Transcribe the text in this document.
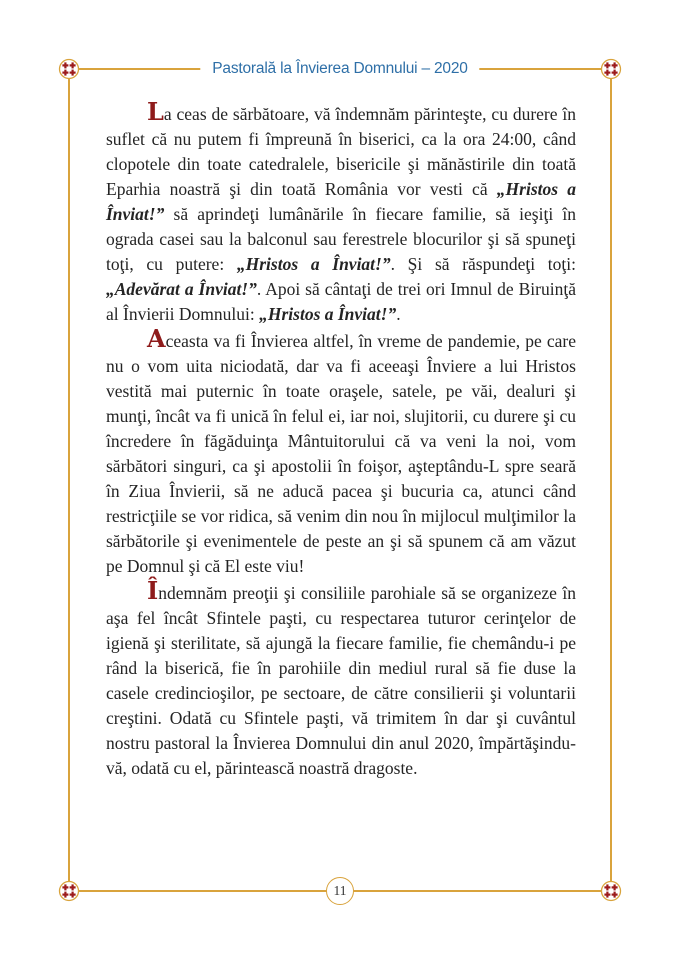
Pastorală la Învierea Domnului – 2020

La ceas de sărbătoare, vă îndemnăm părinteşte, cu durere în suflet că nu putem fi împreună în biserici, ca la ora 24:00, când clopotele din toate catedralele, bisericile şi mănăstirile din toată Eparhia noastră şi din toată România vor vesti că „Hristos a Înviat!” să aprindeţi lumânările în fiecare familie, să ieşiţi în ograda casei sau la balconul sau ferestrele blocurilor şi să spuneţi toţi, cu putere: „Hristos a Înviat!”. Şi să răspundeţi toţi: „Adevărat a Înviat!”. Apoi să cântaţi de trei ori Imnul de Biruinţă al Învierii Domnului: „Hristos a Înviat!”.

Aceasta va fi Învierea altfel, în vreme de pandemie, pe care nu o vom uita niciodată, dar va fi aceeaşi Înviere a lui Hristos vestită mai puternic în toate oraşele, satele, pe văi, dealuri şi munţi, încât va fi unică în felul ei, iar noi, slujitorii, cu durere şi cu încredere în făgăduinţa Mântuitorului că va veni la noi, vom sărbători singuri, ca şi apostolii în foişor, aşteptându-L spre seară în Ziua Învierii, să ne aducă pacea şi bucuria ca, atunci când restricţiile se vor ridica, să venim din nou în mijlocul mulţimilor la sărbătorile şi evenimentele de peste an şi să spunem că am văzut pe Domnul şi că El este viu!

Îndemnăm preoţii şi consiliile parohiale să se organizeze în aşa fel încât Sfintele paşti, cu respectarea tuturor cerinţelor de igienă şi sterilitate, să ajungă la fiecare familie, fie chemându-i pe rând la biserică, fie în parohiile din mediul rural să fie duse la casele credincioşilor, pe sectoare, de către consilierii şi voluntarii creştini. Odată cu Sfintele paşti, vă trimitem în dar şi cuvântul nostru pastoral la Învierea Domnului din anul 2020, împărtăşindu-vă, odată cu el, părintească noastră dragoste.

11
